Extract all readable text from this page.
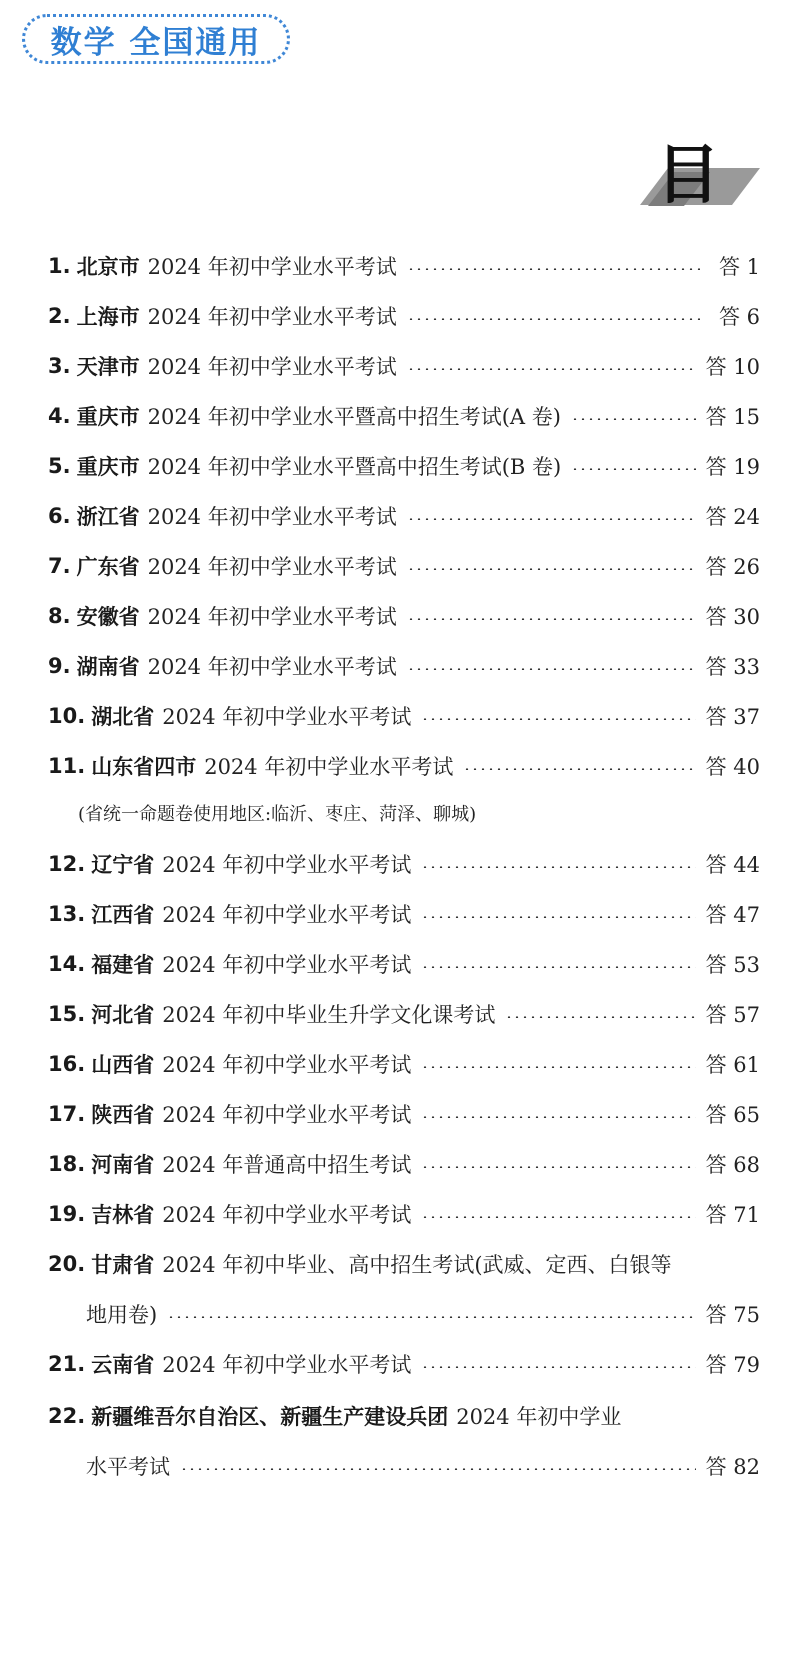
数学 全国通用
目
1. 北京市 2024 年初中学业水平考试	答 1
2. 上海市 2024 年初中学业水平考试	答 6
3. 天津市 2024 年初中学业水平考试	答 10
4. 重庆市 2024 年初中学业水平暨高中招生考试(A 卷)	答 15
5. 重庆市 2024 年初中学业水平暨高中招生考试(B 卷)	答 19
6. 浙江省 2024 年初中学业水平考试	答 24
7. 广东省 2024 年初中学业水平考试	答 26
8. 安徽省 2024 年初中学业水平考试	答 30
9. 湖南省 2024 年初中学业水平考试	答 33
10. 湖北省 2024 年初中学业水平考试	答 37
11. 山东省四市 2024 年初中学业水平考试	答 40
(省统一命题卷使用地区:临沂、枣庄、菏泽、聊城)
12. 辽宁省 2024 年初中学业水平考试	答 44
13. 江西省 2024 年初中学业水平考试	答 47
14. 福建省 2024 年初中学业水平考试	答 53
15. 河北省 2024 年初中毕业生升学文化课考试	答 57
16. 山西省 2024 年初中学业水平考试	答 61
17. 陕西省 2024 年初中学业水平考试	答 65
18. 河南省 2024 年普通高中招生考试	答 68
19. 吉林省 2024 年初中学业水平考试	答 71
20. 甘肃省 2024 年初中毕业、高中招生考试(武威、定西、白银等
地用卷)	答 75
21. 云南省 2024 年初中学业水平考试	答 79
22. 新疆维吾尔自治区、新疆生产建设兵团 2024 年初中学业
水平考试	答 82
